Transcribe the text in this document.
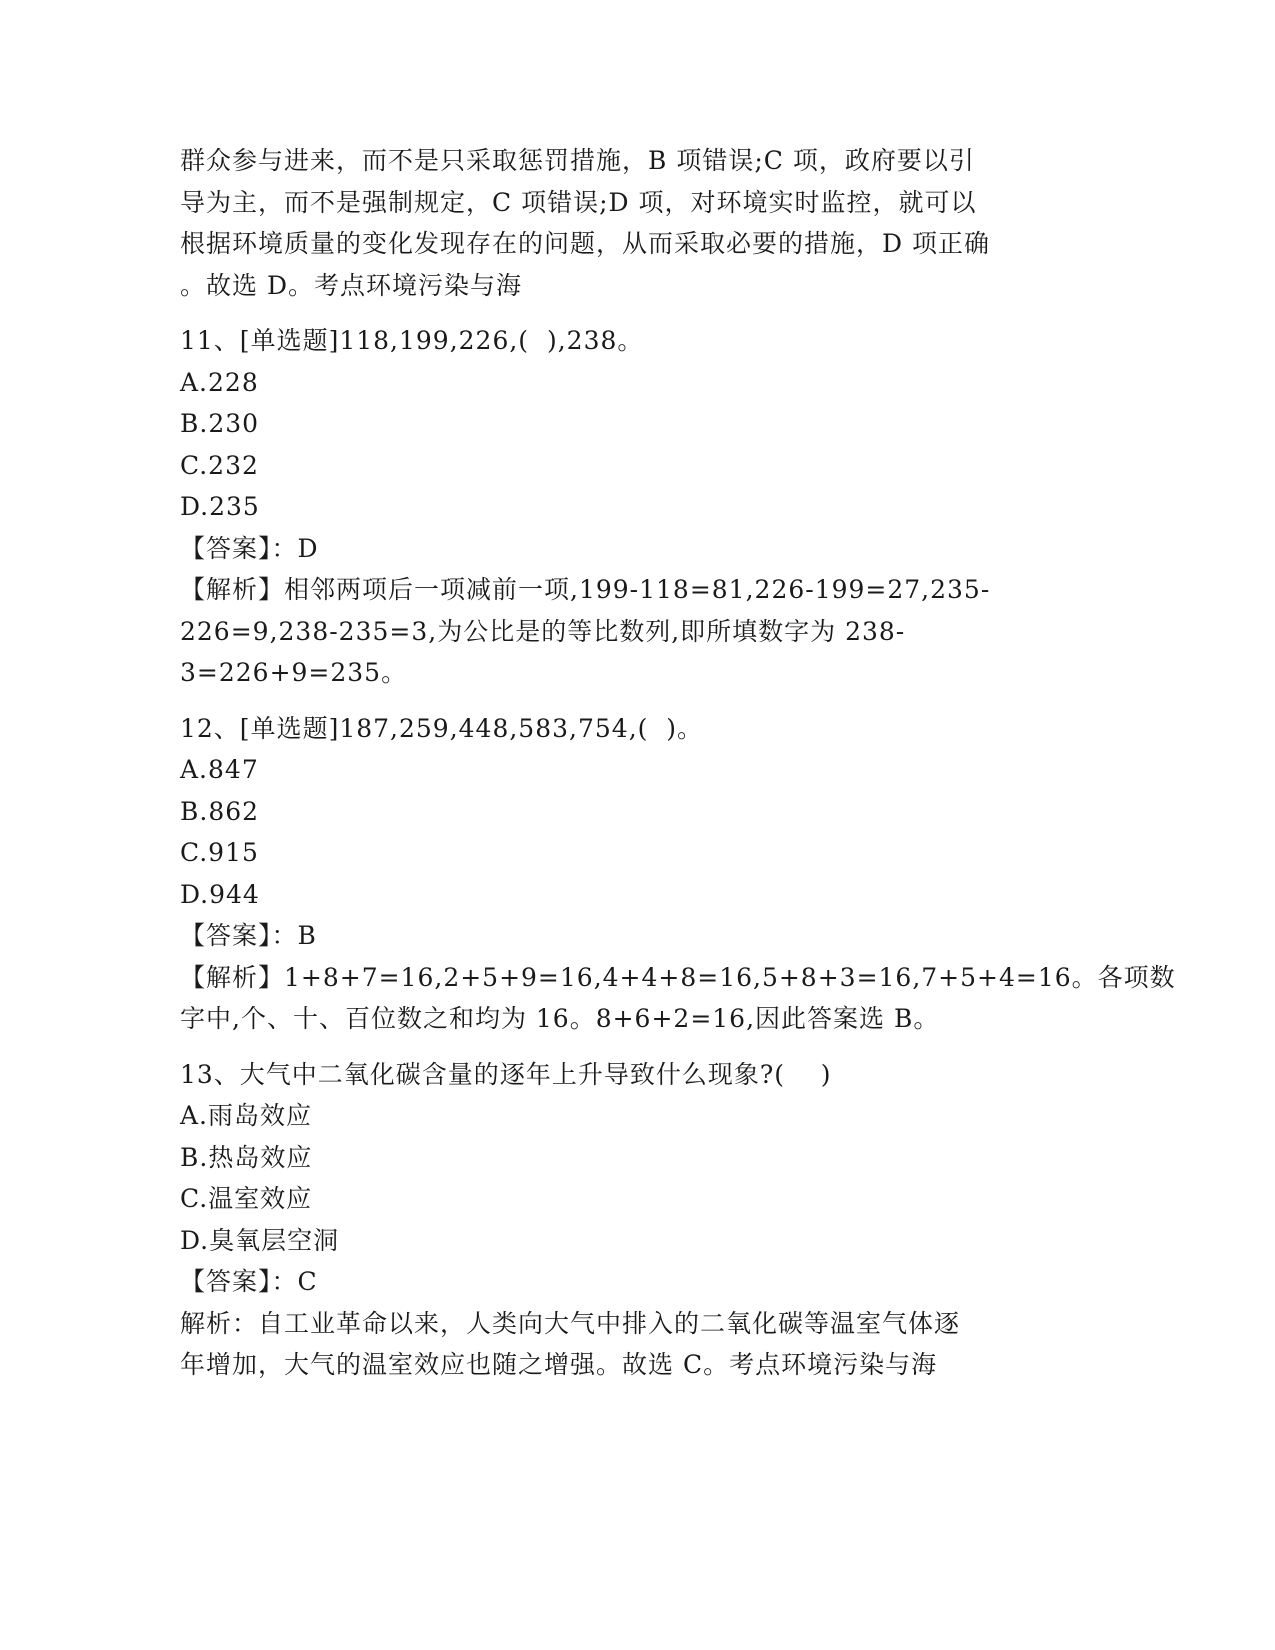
群众参与进来，而不是只采取惩罚措施，B 项错误;C 项，政府要以引
导为主，而不是强制规定，C 项错误;D 项，对环境实时监控，就可以
根据环境质量的变化发现存在的问题，从而采取必要的措施，D 项正确
。故选 D。考点环境污染与海
11、[单选题]118,199,226,(  ),238。
A.228
B.230
C.232
D.235
【答案】：D
【解析】相邻两项后一项减前一项,199-118=81,226-199=27,235-
226=9,238-235=3,为公比是的等比数列,即所填数字为 238-
3=226+9=235。
12、[单选题]187,259,448,583,754,(  )。
A.847
B.862
C.915
D.944
【答案】：B
【解析】1+8+7=16,2+5+9=16,4+4+8=16,5+8+3=16,7+5+4=16。各项数
字中,个、十、百位数之和均为 16。8+6+2=16,因此答案选 B。
13、大气中二氧化碳含量的逐年上升导致什么现象?(    )
A.雨岛效应
B.热岛效应
C.温室效应
D.臭氧层空洞
【答案】：C
解析：自工业革命以来，人类向大气中排入的二氧化碳等温室气体逐
年增加，大气的温室效应也随之增强。故选 C。考点环境污染与海
